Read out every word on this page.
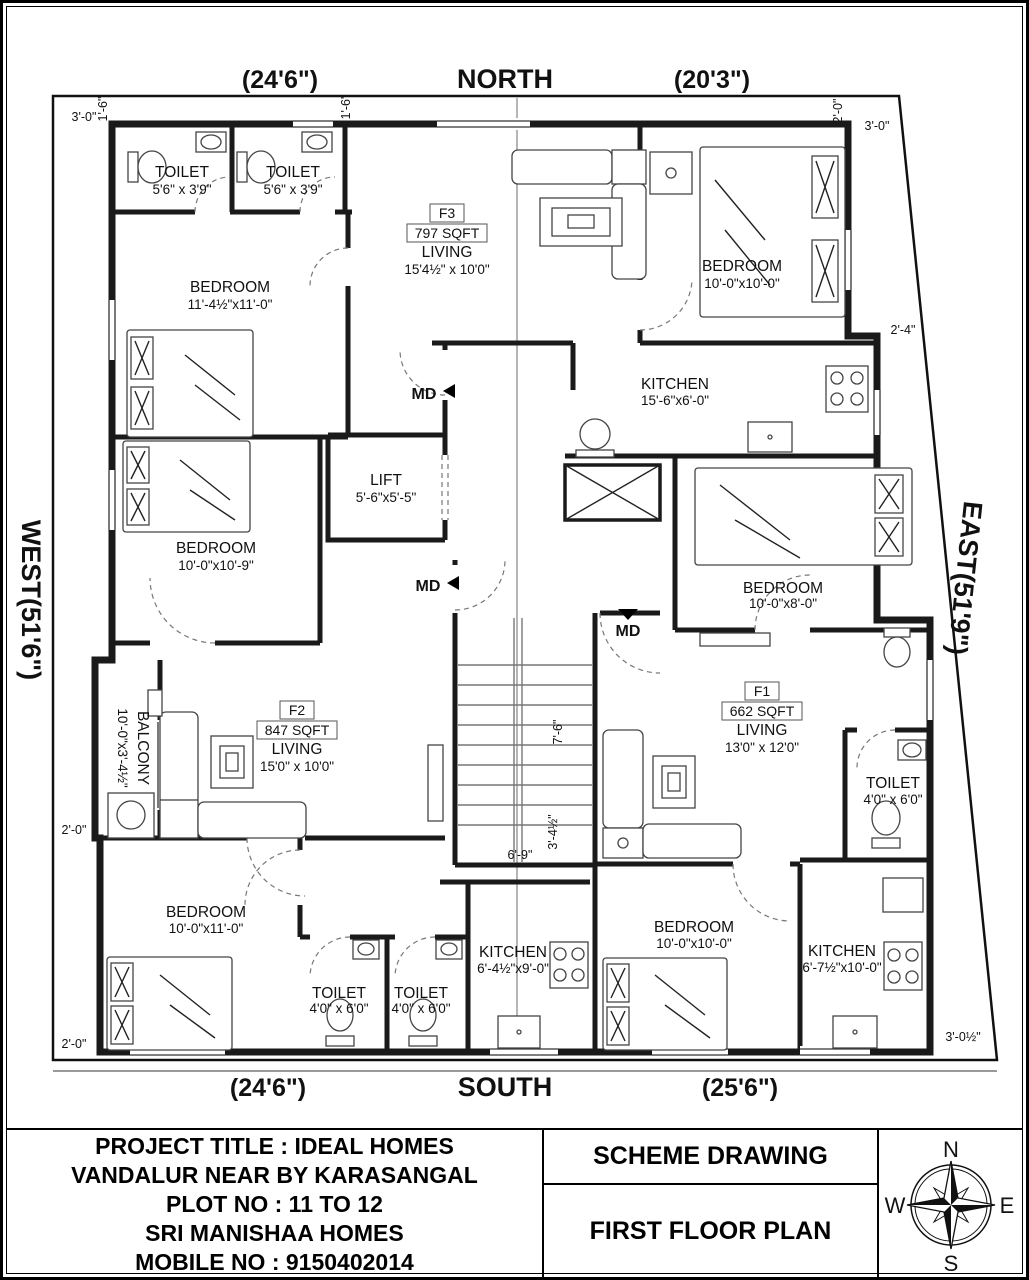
MD
MD
MD
NORTH
(24'6")	(20'3")
WEST(51'6")	EAST(51'9")
SOUTH
(24'6")	(25'6")
TOILET
5'6" x 3'9"
TOILET
5'6" x 3'9"
BEDROOM
11'-4½"x11'-0"
BEDROOM
10'-0"x10'-0"
KITCHEN
15'-6"x6'-0"
BEDROOM
10'-0"x10'-9"
BEDROOM
10'-0"x8'-0"
TOILET
4'0" x 6'0"
BALCONY
10'-0"x3'-4½"
BEDROOM
10'-0"x11'-0"
TOILET
4'0" x 6'0"
TOILET
4'0" x 6'0"
KITCHEN
6'-4½"x9'-0"
BEDROOM
10'-0"x10'-0"	KITCHEN
6'-7½"x10'-0"
LIFT
5'-6"x5'-5"
F3
797 SQFT
LIVING
15'4½" x 10'0"
F2
847 SQFT
LIVING
15'0" x 10'0"
F1
662 SQFT
LIVING
13'0" x 12'0"
3'-0" 1'-6"	1'-6"	2'-0"
3'-0"
2'-4"
2'-0"
2'-0"
7'-6"
3'-4½"
6'-9"
3'-0½"
PROJECT TITLE : IDEAL HOMES
VANDALUR NEAR BY KARASANGAL
PLOT NO : 11 TO 12
SRI MANISHAA HOMES
MOBILE NO : 9150402014
SCHEME DRAWING
FIRST FLOOR PLAN
N
S
W	E
